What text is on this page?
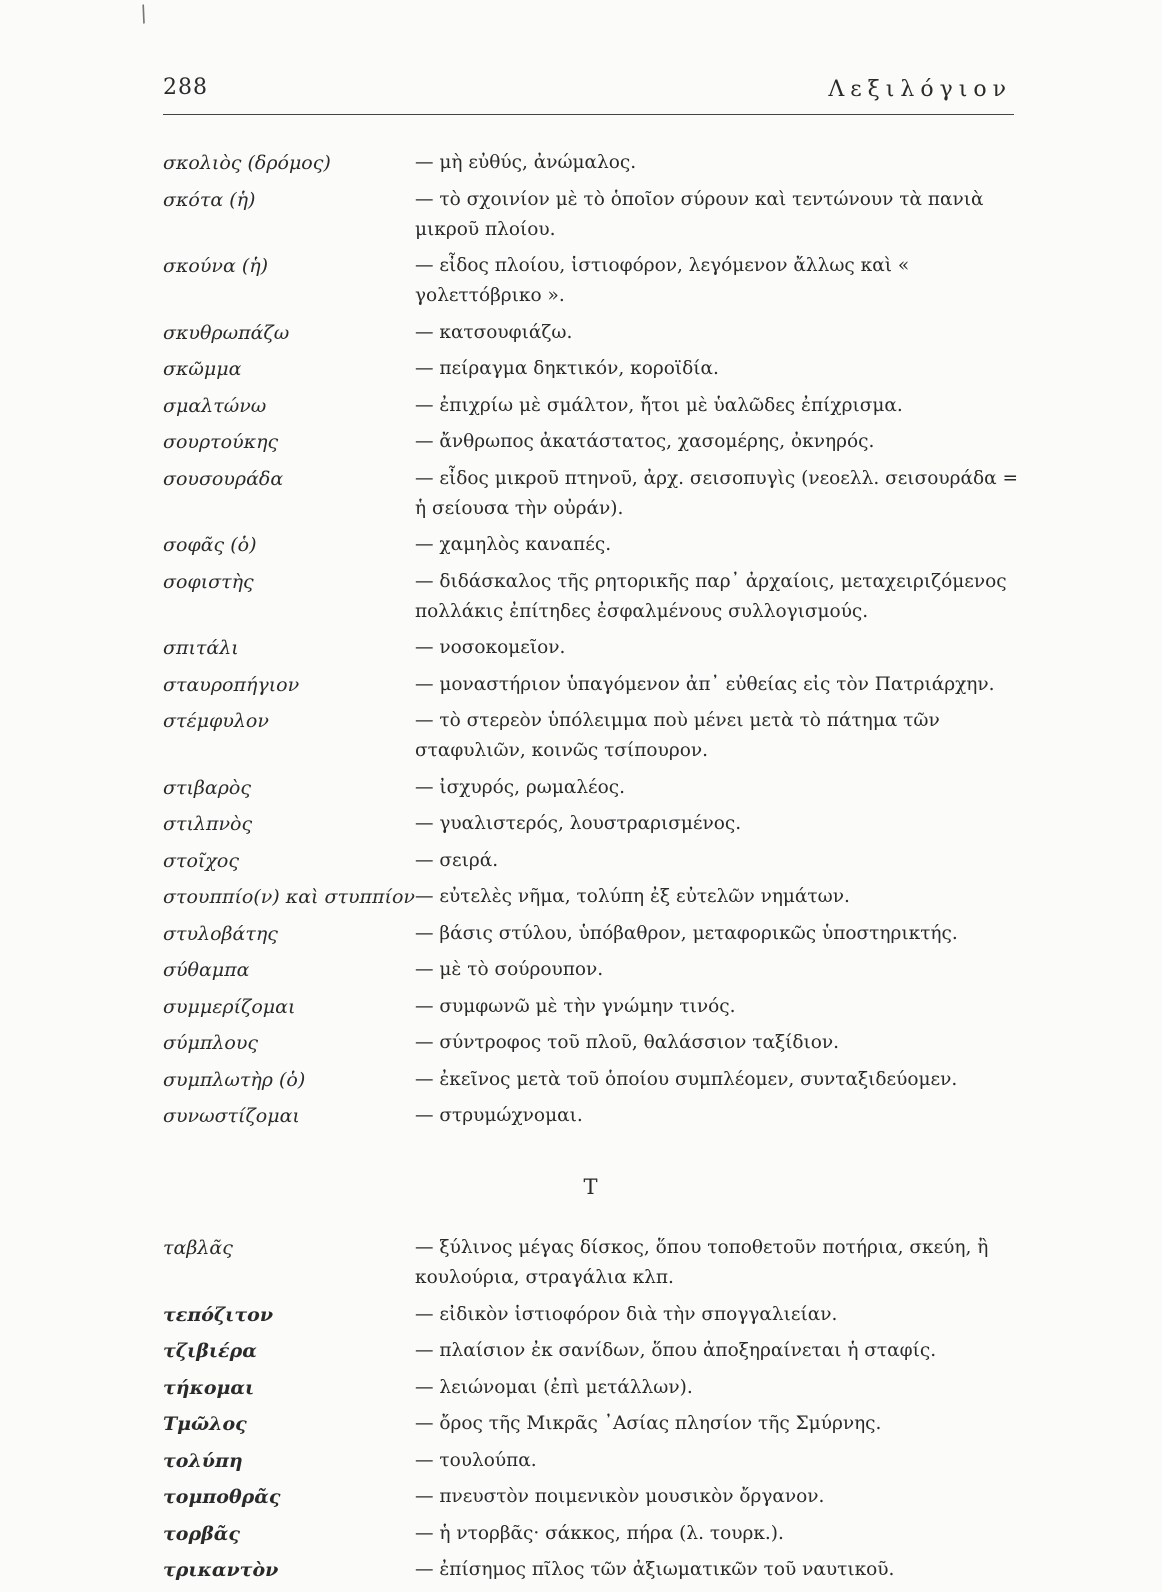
/
288	Λεξιλόγιον
σκολιὸς (δρόμος)	— μὴ εὐθύς, ἀνώμαλος.
σκότα (ἡ)	— τὸ σχοινίον μὲ τὸ ὁποῖον σύρουν καὶ τεντώνουν τὰ πανιὰ μικροῦ πλοίου.
σκούνα (ἡ)	— εἶδος πλοίου, ἱστιοφόρον, λεγόμενον ἄλλως καὶ « γολεττόβρικο ».
σκυθρωπάζω	— κατσουφιάζω.
σκῶμμα	— πείραγμα δηκτικόν, κοροϊδία.
σμαλτώνω	— ἐπιχρίω μὲ σμάλτον, ἤτοι μὲ ὑαλῶδες ἐπίχρισμα.
σουρτούκης	— ἄνθρωπος ἀκατάστατος, χασομέρης, ὀκνηρός.
σουσουράδα	— εἶδος μικροῦ πτηνοῦ, ἀρχ. σεισοπυγὶς (νεοελλ. σεισουράδα = ἡ σείουσα τὴν οὐράν).
σοφᾶς (ὁ)	— χαμηλὸς καναπές.
σοφιστὴς	— διδάσκαλος τῆς ρητορικῆς παρ᾽ ἀρχαίοις, μεταχειριζόμενος πολλάκις ἐπίτηδες ἐσφαλμένους συλλογισμούς.
σπιτάλι	— νοσοκομεῖον.
σταυροπήγιον	— μοναστήριον ὑπαγόμενον ἀπ᾽ εὐθείας εἰς τὸν Πατριάρχην.
στέμφυλον	— τὸ στερεὸν ὑπόλειμμα ποὺ μένει μετὰ τὸ πάτημα τῶν σταφυλιῶν, κοινῶς τσίπουρον.
στιβαρὸς	— ἰσχυρός, ρωμαλέος.
στιλπνὸς	— γυαλιστερός, λουστραρισμένος.
στοῖχος	— σειρά.
στουππίο(ν) καὶ στυππίον — εὐτελὲς νῆμα, τολύπη ἐξ εὐτελῶν νημάτων.
στυλοβάτης	— βάσις στύλου, ὑπόβαθρον, μεταφορικῶς ὑποστηρικτής.
σύθαμπα	— μὲ τὸ σούρουπον.
συμμερίζομαι	— συμφωνῶ μὲ τὴν γνώμην τινός.
σύμπλους	— σύντροφος τοῦ πλοῦ, θαλάσσιον ταξίδιον.
συμπλωτὴρ (ὁ)	— ἐκεῖνος μετὰ τοῦ ὁποίου συμπλέομεν, συνταξιδεύομεν.
συνωστίζομαι	— στρυμώχνομαι.
Τ
ταβλᾶς	— ξύλινος μέγας δίσκος, ὅπου τοποθετοῦν ποτήρια, σκεύη, ἢ κουλούρια, στραγάλια κλπ.
τεπόζιτον	— εἰδικὸν ἱστιοφόρον διὰ τὴν σπογγαλιείαν.
τζιβιέρα	— πλαίσιον ἐκ σανίδων, ὅπου ἀποξηραίνεται ἡ σταφίς.
τήκομαι	— λειώνομαι (ἐπὶ μετάλλων).
Τμῶλος	— ὄρος τῆς Μικρᾶς ᾿Ασίας πλησίον τῆς Σμύρνης.
τολύπη	— τουλούπα.
τομποθρᾶς	— πνευστὸν ποιμενικὸν μουσικὸν ὄργανον.
τορβᾶς	— ἡ ντορβᾶς· σάκκος, πήρα (λ. τουρκ.).
τρικαντὸν	— ἐπίσημος πῖλος τῶν ἀξιωματικῶν τοῦ ναυτικοῦ.
